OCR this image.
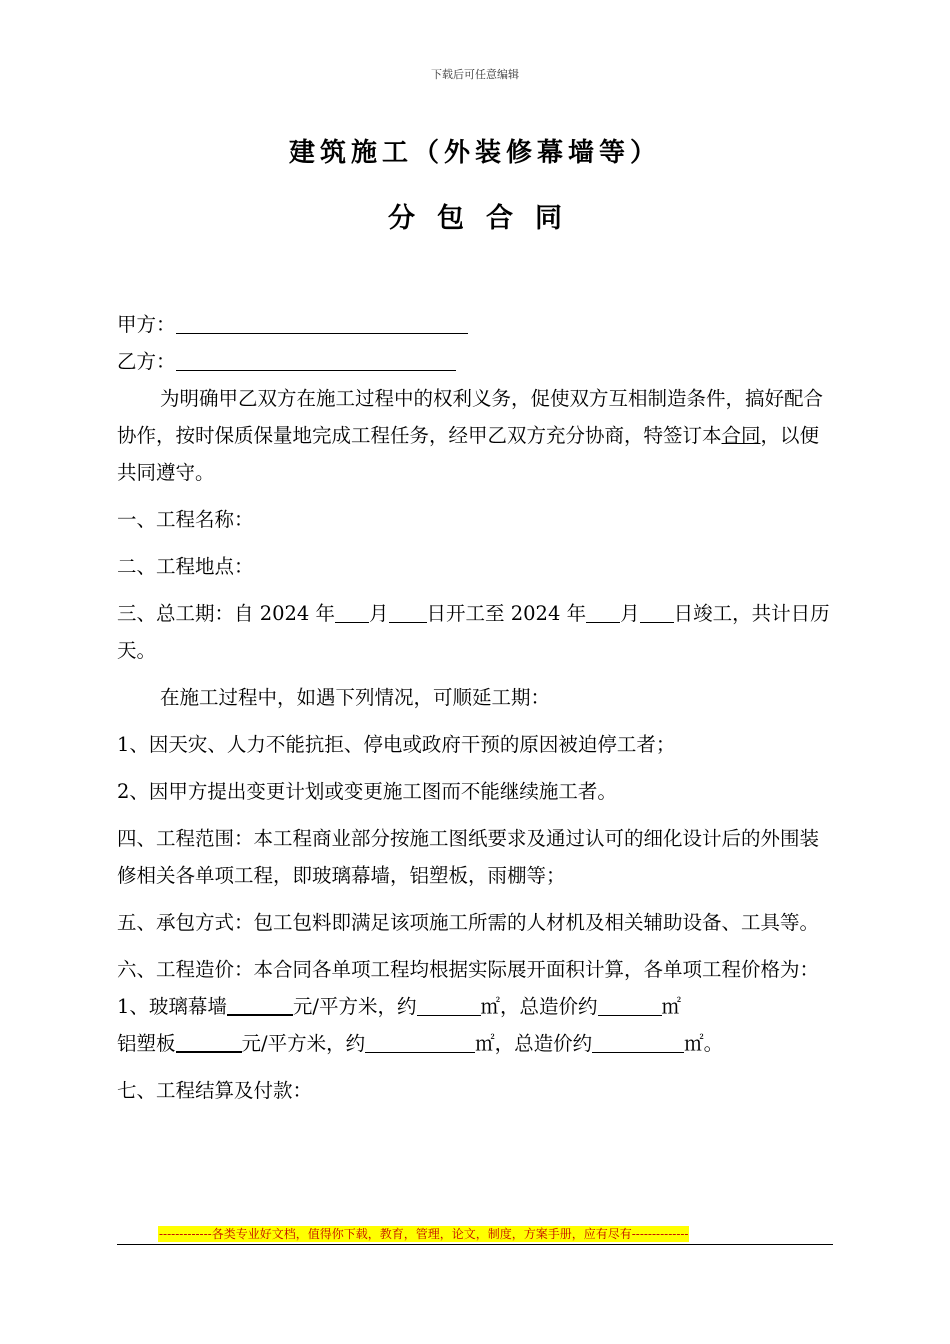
下载后可任意编辑
建筑施工（外装修幕墙等）
分包合同

甲方：

乙方：

为明确甲乙双方在施工过程中的权利义务，促使双方互相制造条件，搞好配合协作，按时保质保量地完成工程任务，经甲乙双方充分协商，特签订本合同，以便共同遵守。

一、工程名称：

二、工程地点：

三、总工期：自 2024 年 月 日开工至 2024 年 月 日竣工，共计日历天。

在施工过程中，如遇下列情况，可顺延工期：

1、因天灾、人力不能抗拒、停电或政府干预的原因被迫停工者；

2、因甲方提出变更计划或变更施工图而不能继续施工者。

四、工程范围：本工程商业部分按施工图纸要求及通过认可的细化设计后的外围装修相关各单项工程，即玻璃幕墙，铝塑板，雨棚等；

五、承包方式：包工包料即满足该项施工所需的人材机及相关辅助设备、工具等。

六、工程造价：本合同各单项工程均根据实际展开面积计算，各单项工程价格为：1、玻璃幕墙	元/平方米，约	㎡，总造价约	㎡
铝塑板	元/平方米，约	㎡，总造价约	㎡。

七、工程结算及付款：

-------------各类专业好文档，值得你下载，教育，管理，论文，制度，方案手册，应有尽有--------------
